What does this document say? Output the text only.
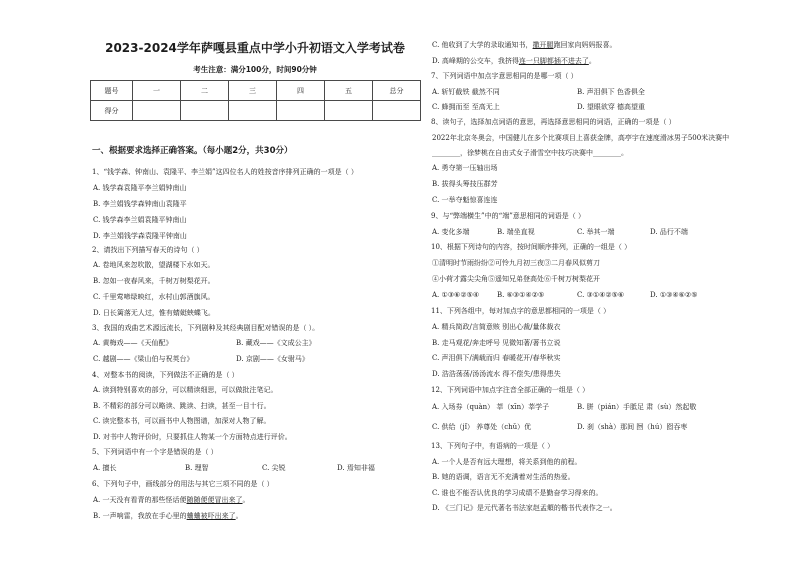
2023-2024学年萨嘎县重点中学小升初语文入学考试卷
考生注意：满分100分，时间90分钟
题号	一	二	三	四	五	总分
得分						
一、根据要求选择正确答案。（每小题2分，共30分）
1、“钱学森、钟南山、袁隆平、李兰娟”这四位名人的姓按音序排列正确的一项是（ ）
A. 钱学森袁隆平李兰娟钟南山
B. 李兰娟钱学森钟南山袁隆平
C. 钱学森李兰娟袁隆平钟南山
D. 李兰娟钱学森袁隆平钟南山
2、请找出下列描写春天的诗句（ ）
A. 卷地风来忽吹散，望湖楼下水如天。
B. 忽如一夜春风来，千树万树梨花开。
C. 千里莺啼绿映红，水村山郭酒旗风。
D. 日长篱落无人过，惟有蜻蜓蛱蝶飞。
3、我国的戏曲艺术源远流长，下列剧种及其经典剧目配对错误的是（ ）。
A. 黄梅戏——《天仙配》	B. 藏戏——《文成公主》
C. 越剧——《梁山伯与祝英台》	D. 京剧——《女驸马》
4、对整本书的阅读，下列做法不正确的是（ ）
A. 读到特别喜欢的部分，可以精读细思，可以做批注笔记。
B. 不精彩的部分可以略读、跳读、扫读，甚至一目十行。
C. 读完整本书，可以画书中人物图谱，加深对人物了解。
D. 对书中人物评价时，只要抓住人物某一个方面特点进行评价。
5、下列词语中有一个字是错误的是（ ）
A. 擅长	B. 理智	C. 尖锐	D. 焉知非福
6、下列句子中，画线部分的用法与其它三项不同的是（ ）
A. 一天没有看青的那些怪话便随随便便冒出来了。
B. 一声响雷，我放在手心里的蛐蛐被吓出来了。
C. 他收到了大学的录取通知书，撒开腿跑回家向妈妈报喜。
D. 高峰期的公交车，我挤得连一只脚都插不进去了。
7、下列词语中加点字意思相同的是哪一项（ ）
A. 斩钉截铁 截然不同	B. 声泪俱下 色香俱全
C. 蜂拥而至 至高无上	D. 望眼欲穿 德高望重
8、读句子，选择加点词语的意思，再选择意思相同的词语，正确的一项是（ ）
2022年北京冬奥会，中国健儿在多个比赛项目上喜获金牌，高亭宇在速度滑冰男子500米决赛中
________，徐梦桃在自由式女子滑雪空中技巧决赛中________。
A. 勇夺第一压轴出场
B. 拔得头筹技压群芳
C. 一举夺魁惊喜连连
9、与“弊端横生”中的“端”意思相同的词语是（ ）
A. 变化多端	B. 端坐直视	C. 举其一端	D. 品行不端
10、根据下列诗句的内容，按时间顺序排列，正确的一组是（ ）
①清明时节雨纷纷②可怜九月初三夜③二月春风似剪刀
④小荷才露尖尖角⑤遥知兄弟登高处⑥千树万树梨花开
A. ①③⑥②⑤④	B. ⑥③①④②⑤	C. ③①④②⑤⑥	D. ①③④⑥②⑤
11、下列各组中，每对加点字的意思都相同的一项是（ ）
A. 精兵简政/言简意赅 别出心裁/量体裁衣
B. 走马观花/奔走呼号 见微知著/著书立说
C. 声泪俱下/满载而归 春暖花开/春华秋实
D. 浩浩荡荡/汤汤流水 得不偿失/患得患失
12、下列词语中加点字注音全部正确的一组是（ ）
A. 入场券（quàn） 莘（xīn）莘学子	B. 胼（pián）手胝足 肃（sù）然起敬
C. 供给（jǐ） 养尊处（chǔ）优	D. 刹（shà）那间 囫（hú）囵吞枣
13、下列句子中，有语病的一项是（ ）
A. 一个人是否有远大理想，将关系到他的前程。
B. 她的语调，语言无不充满着对生活的热爱。
C. 谁也不能否认优良的学习成绩不是勤奋学习得来的。
D. 《三门记》是元代著名书法家赵孟頫的楷书代表作之一。
